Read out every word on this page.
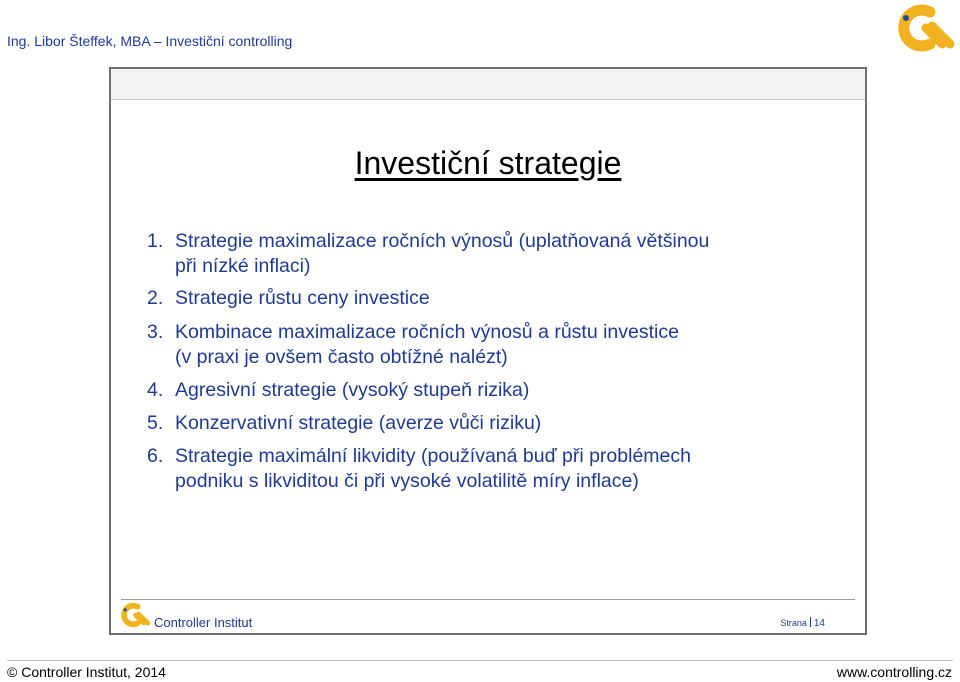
Ing. Libor Šteffek, MBA – Investiční controlling
Investiční strategie
1. Strategie maximalizace ročních výnosů (uplatňovaná většinou
při nízké inflaci)
2. Strategie růstu ceny investice
3. Kombinace maximalizace ročních výnosů a růstu investice
(v praxi je ovšem často obtížné nalézt)
4. Agresivní strategie (vysoký stupeň rizika)
5. Konzervativní strategie (averze vůči riziku)
6. Strategie maximální likvidity (používaná buď při problémech
podniku s likviditou či při vysoké volatilitě míry inflace)
Controller Institut	Strana 14
© Controller Institut, 2014	www.controlling.cz
